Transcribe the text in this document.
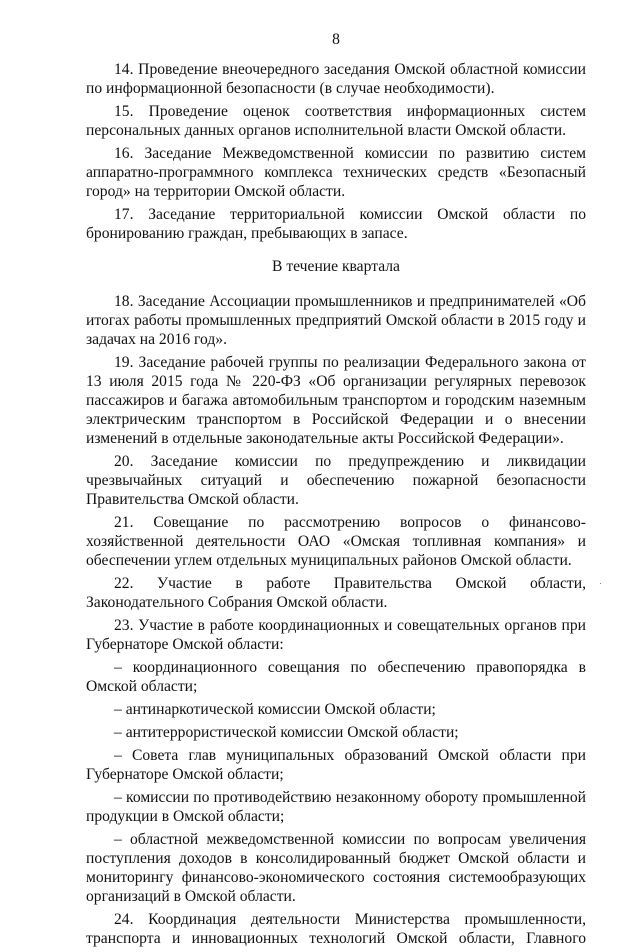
8

14. Проведение внеочередного заседания Омской областной комиссии по информационной безопасности (в случае необходимости).

15. Проведение оценок соответствия информационных систем персональных данных органов исполнительной власти Омской области.

16. Заседание Межведомственной комиссии по развитию систем аппаратно-программного комплекса технических средств «Безопасный город» на территории Омской области.

17. Заседание территориальной комиссии Омской области по бронированию граждан, пребывающих в запасе.

В течение квартала

18. Заседание Ассоциации промышленников и предпринимателей «Об итогах работы промышленных предприятий Омской области в 2015 году и задачах на 2016 год».

19. Заседание рабочей группы по реализации Федерального закона от 13 июля 2015 года № 220-ФЗ «Об организации регулярных перевозок пассажиров и багажа автомобильным транспортом и городским наземным электрическим транспортом в Российской Федерации и о внесении изменений в отдельные законодательные акты Российской Федерации».

20. Заседание комиссии по предупреждению и ликвидации чрезвычайных ситуаций и обеспечению пожарной безопасности Правительства Омской области.

21. Совещание по рассмотрению вопросов о финансово-хозяйственной деятельности ОАО «Омская топливная компания» и обеспечении углем отдельных муниципальных районов Омской области.

22. Участие в работе Правительства Омской области, Законодательного Собрания Омской области.

23. Участие в работе координационных и совещательных органов при Губернаторе Омской области:

– координационного совещания по обеспечению правопорядка в Омской области;

– антинаркотической комиссии Омской области;

– антитеррористической комиссии Омской области;

– Совета глав муниципальных образований Омской области при Губернаторе Омской области;

– комиссии по противодействию незаконному обороту промышленной продукции в Омской области;

– областной межведомственной комиссии по вопросам увеличения поступления доходов в консолидированный бюджет Омской области и мониторингу финансово-экономического состояния системообразующих организаций в Омской области.

24. Координация деятельности Министерства промышленности, транспорта и инновационных технологий Омской области, Главного
